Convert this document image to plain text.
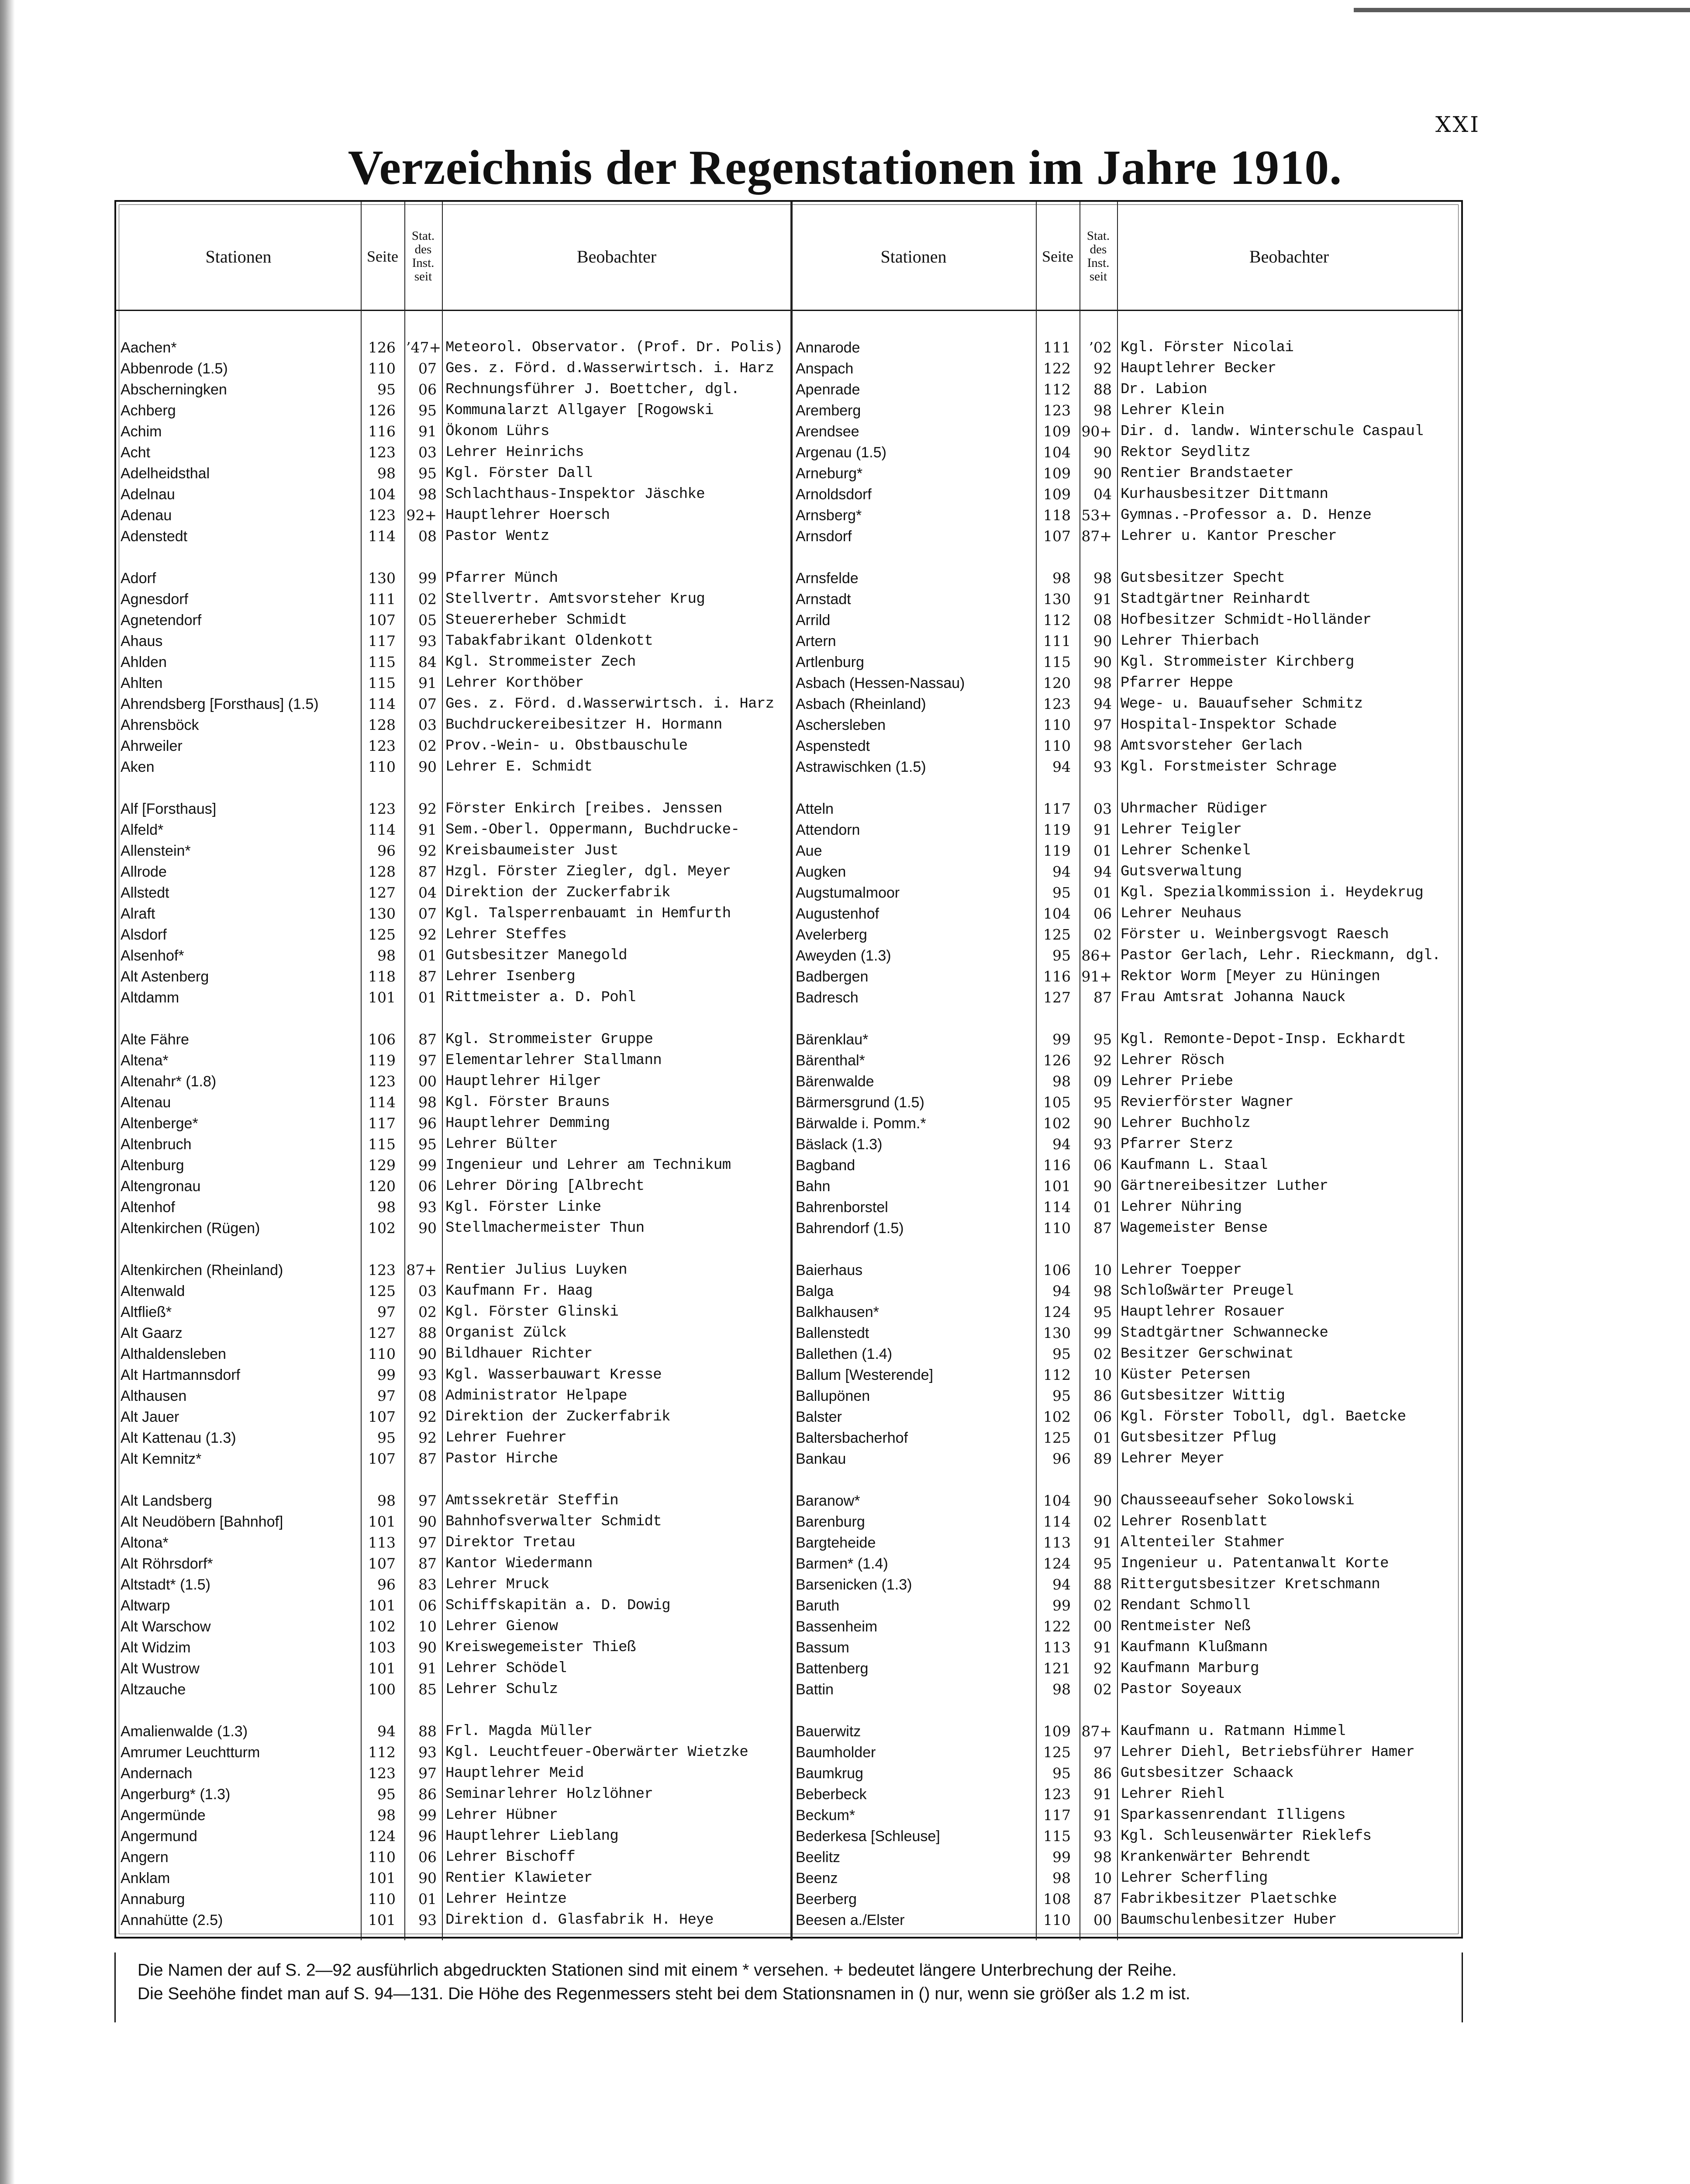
XXI
Verzeichnis der Regenstationen im Jahre 1910.
Stationen	Seite
Stat.
des
Inst.
seit
Beobachter	Stationen	Seite
Stat.
des
Inst.
seit
Beobachter
Aachen*	126 ’47+ Meteorol. Observator. (Prof. Dr. Polis)
Abbenrode (1.5)	110	07 Ges. z. Förd. d.Wasserwirtsch. i. Harz
Abscherningken	95	06 Rechnungsführer J. Boettcher, dgl.
Achberg	126	95 Kommunalarzt Allgayer [Rogowski
Achim	116	91 Ökonom Lührs
Acht	123	03 Lehrer Heinrichs
Adelheidsthal	98	95 Kgl. Förster Dall
Adelnau	104	98 Schlachthaus-Inspektor Jäschke
Adenau	123 92+ Hauptlehrer Hoersch
Adenstedt	114	08 Pastor Wentz
Adorf	130	99 Pfarrer Münch
Agnesdorf	111	02 Stellvertr. Amtsvorsteher Krug
Agnetendorf	107	05 Steuererheber Schmidt
Ahaus	117	93 Tabakfabrikant Oldenkott
Ahlden	115	84 Kgl. Strommeister Zech
Ahlten	115	91 Lehrer Korthöber
Ahrendsberg [Forsthaus] (1.5)	114	07 Ges. z. Förd. d.Wasserwirtsch. i. Harz
Ahrensböck	128	03 Buchdruckereibesitzer H. Hormann
Ahrweiler	123	02 Prov.-Wein- u. Obstbauschule
Aken	110	90 Lehrer E. Schmidt
Alf [Forsthaus]	123	92 Förster Enkirch [reibes. Jenssen
Alfeld*	114	91 Sem.-Oberl. Oppermann, Buchdrucke-
Allenstein*	96	92 Kreisbaumeister Just
Allrode	128	87 Hzgl. Förster Ziegler, dgl. Meyer
Allstedt	127	04 Direktion der Zuckerfabrik
Alraft	130	07 Kgl. Talsperrenbauamt in Hemfurth
Alsdorf	125	92 Lehrer Steffes
Alsenhof*	98	01 Gutsbesitzer Manegold
Alt Astenberg	118	87 Lehrer Isenberg
Altdamm	101	01 Rittmeister a. D. Pohl
Alte Fähre	106	87 Kgl. Strommeister Gruppe
Altena*	119	97 Elementarlehrer Stallmann
Altenahr* (1.8)	123	00 Hauptlehrer Hilger
Altenau	114	98 Kgl. Förster Brauns
Altenberge*	117	96 Hauptlehrer Demming
Altenbruch	115	95 Lehrer Bülter
Altenburg	129	99 Ingenieur und Lehrer am Technikum
Altengronau	120	06 Lehrer Döring [Albrecht
Altenhof	98	93 Kgl. Förster Linke
Altenkirchen (Rügen)	102	90 Stellmachermeister Thun
Altenkirchen (Rheinland)	123 87+ Rentier Julius Luyken
Altenwald	125	03 Kaufmann Fr. Haag
Altfließ*	97	02 Kgl. Förster Glinski
Alt Gaarz	127	88 Organist Zülck
Althaldensleben	110	90 Bildhauer Richter
Alt Hartmannsdorf	99	93 Kgl. Wasserbauwart Kresse
Althausen	97	08 Administrator Helpape
Alt Jauer	107	92 Direktion der Zuckerfabrik
Alt Kattenau (1.3)	95	92 Lehrer Fuehrer
Alt Kemnitz*	107	87 Pastor Hirche
Alt Landsberg	98	97 Amtssekretär Steffin
Alt Neudöbern [Bahnhof]	101	90 Bahnhofsverwalter Schmidt
Altona*	113	97 Direktor Tretau
Alt Röhrsdorf*	107	87 Kantor Wiedermann
Altstadt* (1.5)	96	83 Lehrer Mruck
Altwarp	101	06 Schiffskapitän a. D. Dowig
Alt Warschow	102	10 Lehrer Gienow
Alt Widzim	103	90 Kreiswegemeister Thieß
Alt Wustrow	101	91 Lehrer Schödel
Altzauche	100	85 Lehrer Schulz
Amalienwalde (1.3)	94	88 Frl. Magda Müller
Amrumer Leuchtturm	112	93 Kgl. Leuchtfeuer-Oberwärter Wietzke
Andernach	123	97 Hauptlehrer Meid
Angerburg* (1.3)	95	86 Seminarlehrer Holzlöhner
Angermünde	98	99 Lehrer Hübner
Angermund	124	96 Hauptlehrer Lieblang
Angern	110	06 Lehrer Bischoff
Anklam	101	90 Rentier Klawieter
Annaburg	110	01 Lehrer Heintze
Annahütte (2.5)	101	93 Direktion d. Glasfabrik H. Heye
Annarode	111	’02 Kgl. Förster Nicolai
Anspach	122	92 Hauptlehrer Becker
Apenrade	112	88 Dr. Labion
Aremberg	123	98 Lehrer Klein
Arendsee	109 90+ Dir. d. landw. Winterschule Caspaul
Argenau (1.5)	104	90 Rektor Seydlitz
Arneburg*	109	90 Rentier Brandstaeter
Arnoldsdorf	109	04 Kurhausbesitzer Dittmann
Arnsberg*	118 53+ Gymnas.-Professor a. D. Henze
Arnsdorf	107 87+ Lehrer u. Kantor Prescher
Arnsfelde	98	98 Gutsbesitzer Specht
Arnstadt	130	91 Stadtgärtner Reinhardt
Arrild	112	08 Hofbesitzer Schmidt-Holländer
Artern	111	90 Lehrer Thierbach
Artlenburg	115	90 Kgl. Strommeister Kirchberg
Asbach (Hessen-Nassau)	120	98 Pfarrer Heppe
Asbach (Rheinland)	123	94 Wege- u. Bauaufseher Schmitz
Aschersleben	110	97 Hospital-Inspektor Schade
Aspenstedt	110	98 Amtsvorsteher Gerlach
Astrawischken (1.5)	94	93 Kgl. Forstmeister Schrage
Atteln	117	03 Uhrmacher Rüdiger
Attendorn	119	91 Lehrer Teigler
Aue	119	01 Lehrer Schenkel
Augken	94	94 Gutsverwaltung
Augstumalmoor	95	01 Kgl. Spezialkommission i. Heydekrug
Augustenhof	104	06 Lehrer Neuhaus
Avelerberg	125	02 Förster u. Weinbergsvogt Raesch
Aweyden (1.3)	95 86+ Pastor Gerlach, Lehr. Rieckmann, dgl.
Badbergen	116 91+ Rektor Worm [Meyer zu Hüningen
Badresch	127	87 Frau Amtsrat Johanna Nauck
Bärenklau*	99	95 Kgl. Remonte-Depot-Insp. Eckhardt
Bärenthal*	126	92 Lehrer Rösch
Bärenwalde	98	09 Lehrer Priebe
Bärmersgrund (1.5)	105	95 Revierförster Wagner
Bärwalde i. Pomm.*	102	90 Lehrer Buchholz
Bäslack (1.3)	94	93 Pfarrer Sterz
Bagband	116	06 Kaufmann L. Staal
Bahn	101	90 Gärtnereibesitzer Luther
Bahrenborstel	114	01 Lehrer Nühring
Bahrendorf (1.5)	110	87 Wagemeister Bense
Baierhaus	106	10 Lehrer Toepper
Balga	94	98 Schloßwärter Preugel
Balkhausen*	124	95 Hauptlehrer Rosauer
Ballenstedt	130	99 Stadtgärtner Schwannecke
Ballethen (1.4)	95	02 Besitzer Gerschwinat
Ballum [Westerende]	112	10 Küster Petersen
Ballupönen	95	86 Gutsbesitzer Wittig
Balster	102	06 Kgl. Förster Toboll, dgl. Baetcke
Baltersbacherhof	125	01 Gutsbesitzer Pflug
Bankau	96	89 Lehrer Meyer
Baranow*	104	90 Chausseeaufseher Sokolowski
Barenburg	114	02 Lehrer Rosenblatt
Bargteheide	113	91 Altenteiler Stahmer
Barmen* (1.4)	124	95 Ingenieur u. Patentanwalt Korte
Barsenicken (1.3)	94	88 Rittergutsbesitzer Kretschmann
Baruth	99	02 Rendant Schmoll
Bassenheim	122	00 Rentmeister Neß
Bassum	113	91 Kaufmann Klußmann
Battenberg	121	92 Kaufmann Marburg
Battin	98	02 Pastor Soyeaux
Bauerwitz	109 87+ Kaufmann u. Ratmann Himmel
Baumholder	125	97 Lehrer Diehl, Betriebsführer Hamer
Baumkrug	95	86 Gutsbesitzer Schaack
Beberbeck	123	91 Lehrer Riehl
Beckum*	117	91 Sparkassenrendant Illigens
Bederkesa [Schleuse]	115	93 Kgl. Schleusenwärter Rieklefs
Beelitz	99	98 Krankenwärter Behrendt
Beenz	98	10 Lehrer Scherfling
Beerberg	108	87 Fabrikbesitzer Plaetschke
Beesen a./Elster	110	00 Baumschulenbesitzer Huber
Die Namen der auf S. 2—92 ausführlich abgedruckten Stationen sind mit einem * versehen. + bedeutet längere Unterbrechung der Reihe.
Die Seehöhe findet man auf S. 94—131. Die Höhe des Regenmessers steht bei dem Stationsnamen in () nur, wenn sie größer als 1.2 m ist.
